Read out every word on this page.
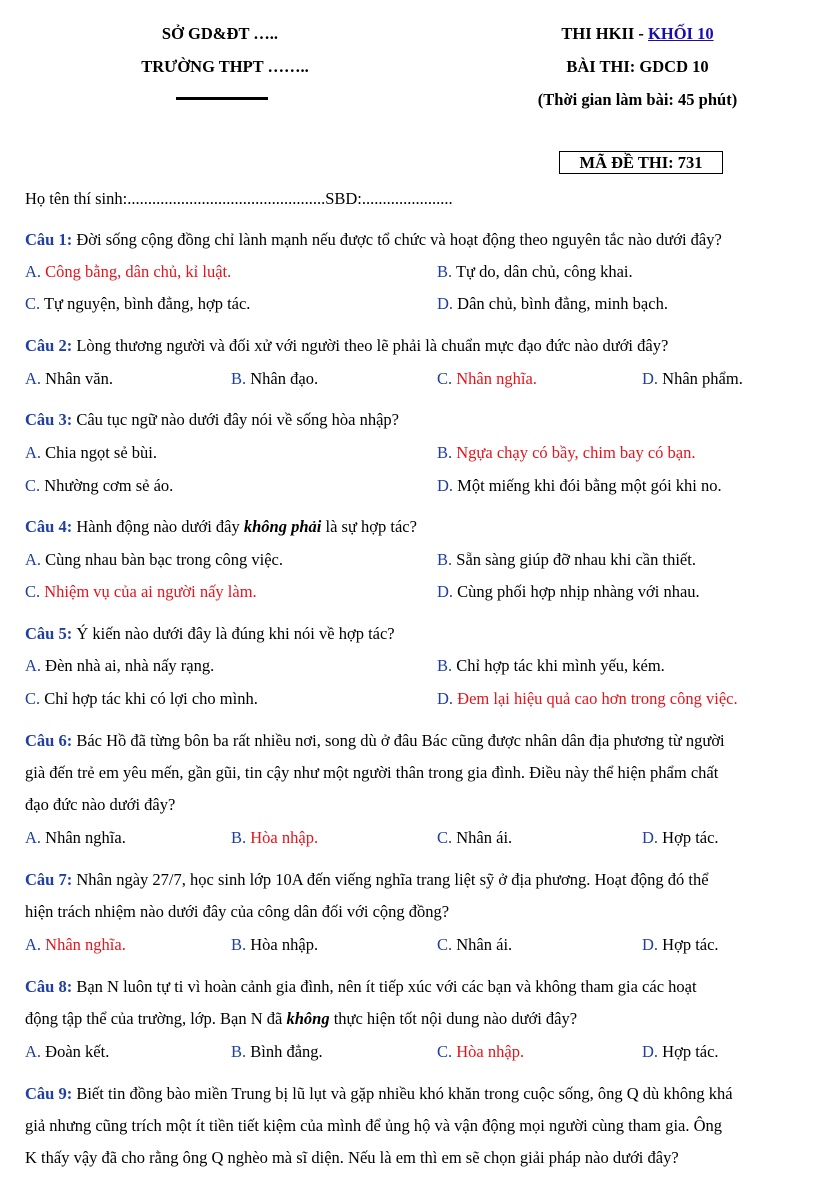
SỞ GD&ĐT …..
TRƯỜNG THPT ……..
THI HKII - KHỐI 10
BÀI THI: GDCD 10
(Thời gian làm bài: 45 phút)
MÃ ĐỀ THI: 731
Họ tên thí sinh:................................................SBD:......................
Câu 1: Đời sống cộng đồng chỉ lành mạnh nếu được tổ chức và hoạt động theo nguyên tắc nào dưới đây?
A. Công bằng, dân chủ, kỉ luật.	B. Tự do, dân chủ, công khai.
C. Tự nguyện, bình đẳng, hợp tác.	D. Dân chủ, bình đẳng, minh bạch.
Câu 2: Lòng thương người và đối xử với người theo lẽ phải là chuẩn mực đạo đức nào dưới đây?
A. Nhân văn.	B. Nhân đạo.	C. Nhân nghĩa.	D. Nhân phẩm.
Câu 3: Câu tục ngữ nào dưới đây nói về sống hòa nhập?
A. Chia ngọt sẻ bùi.	B. Ngựa chạy có bầy, chim bay có bạn.
C. Nhường cơm sẻ áo.	D. Một miếng khi đói bằng một gói khi no.
Câu 4: Hành động nào dưới đây không phải là sự hợp tác?
A. Cùng nhau bàn bạc trong công việc.	B. Sẵn sàng giúp đỡ nhau khi cần thiết.
C. Nhiệm vụ của ai người nấy làm.	D. Cùng phối hợp nhịp nhàng với nhau.
Câu 5: Ý kiến nào dưới đây là đúng khi nói về hợp tác?
A. Đèn nhà ai, nhà nấy rạng.	B. Chỉ hợp tác khi mình yếu, kém.
C. Chỉ hợp tác khi có lợi cho mình.	D. Đem lại hiệu quả cao hơn trong công việc.
Câu 6: Bác Hồ đã từng bôn ba rất nhiều nơi, song dù ở đâu Bác cũng được nhân dân địa phương từ người
già đến trẻ em yêu mến, gần gũi, tin cậy như một người thân trong gia đình. Điều này thể hiện phẩm chất
đạo đức nào dưới đây?
A. Nhân nghĩa.	B. Hòa nhập.	C. Nhân ái.	D. Hợp tác.
Câu 7: Nhân ngày 27/7, học sinh lớp 10A đến viếng nghĩa trang liệt sỹ ở địa phương. Hoạt động đó thể
hiện trách nhiệm nào dưới đây của công dân đối với cộng đồng?
A. Nhân nghĩa.	B. Hòa nhập.	C. Nhân ái.	D. Hợp tác.
Câu 8: Bạn N luôn tự ti vì hoàn cảnh gia đình, nên ít tiếp xúc với các bạn và không tham gia các hoạt
động tập thể của trường, lớp. Bạn N đã không thực hiện tốt nội dung nào dưới đây?
A. Đoàn kết.	B. Bình đẳng.	C. Hòa nhập.	D. Hợp tác.
Câu 9: Biết tin đồng bào miền Trung bị lũ lụt và gặp nhiều khó khăn trong cuộc sống, ông Q dù không khá
giả nhưng cũng trích một ít tiền tiết kiệm của mình để ủng hộ và vận động mọi người cùng tham gia. Ông
K thấy vậy đã cho rằng ông Q nghèo mà sĩ diện. Nếu là em thì em sẽ chọn giải pháp nào dưới đây?
